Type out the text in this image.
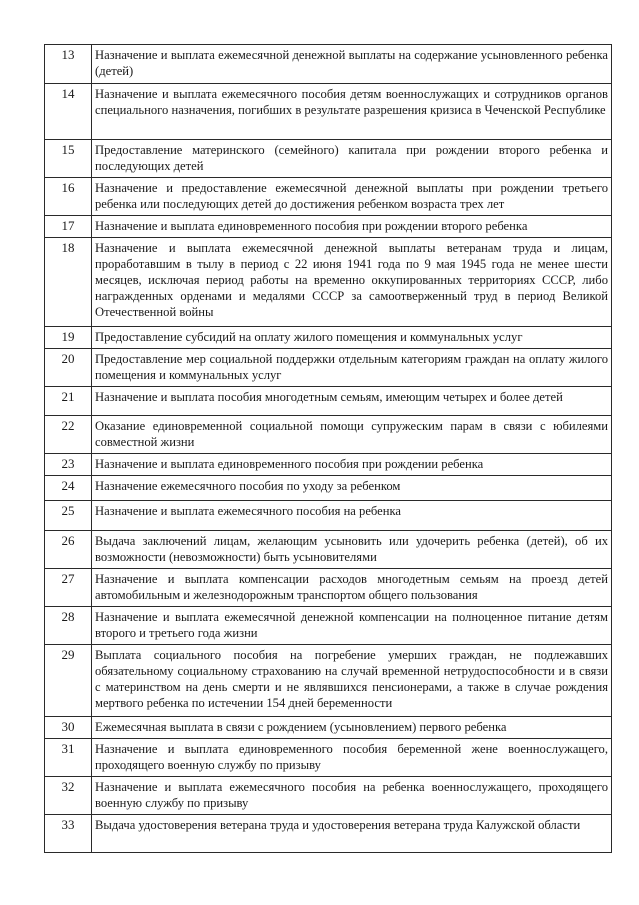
13	Назначение и выплата ежемесячной денежной выплаты на содержание усыновленного ребенка (детей)
14	Назначение и выплата ежемесячного пособия детям военнослужащих и сотрудников органов специального назначения, погибших в результате разрешения кризиса в Чеченской Республике
15	Предоставление материнского (семейного) капитала при рождении второго ребенка и последующих детей
16	Назначение и предоставление ежемесячной денежной выплаты при рождении третьего ребенка или последующих детей до достижения ребенком возраста трех лет
17	Назначение и выплата единовременного пособия при рождении второго ребенка
18	Назначение и выплата ежемесячной денежной выплаты ветеранам труда и лицам, проработавшим в тылу в период с 22 июня 1941 года по 9 мая 1945 года не менее шести месяцев, исключая период работы на временно оккупированных территориях СССР, либо награжденных орденами и медалями СССР за самоотверженный труд в период Великой Отечественной войны
19	Предоставление субсидий на оплату жилого помещения и коммунальных услуг
20	Предоставление мер социальной поддержки отдельным категориям граждан на оплату жилого помещения и коммунальных услуг
21	Назначение и выплата пособия многодетным семьям, имеющим четырех и более детей
22	Оказание единовременной социальной помощи супружеским парам в связи с юбилеями совместной жизни
23	Назначение и выплата единовременного пособия при рождении ребенка
24	Назначение ежемесячного пособия по уходу за ребенком
25	Назначение и выплата ежемесячного пособия на ребенка
26	Выдача заключений лицам, желающим усыновить или удочерить ребенка (детей), об их возможности (невозможности) быть усыновителями
27	Назначение и выплата компенсации расходов многодетным семьям на проезд детей автомобильным и железнодорожным транспортом общего пользования
28	Назначение и выплата ежемесячной денежной компенсации на полноценное питание детям второго и третьего года жизни
29	Выплата социального пособия на погребение умерших граждан, не подлежавших обязательному социальному страхованию на случай временной нетрудоспособности и в связи с материнством на день смерти и не являвшихся пенсионерами, а также в случае рождения мертвого ребенка по истечении 154 дней беременности
30	Ежемесячная выплата в связи с рождением (усыновлением) первого ребенка
31	Назначение и выплата единовременного пособия беременной жене военнослужащего, проходящего военную службу по призыву
32	Назначение и выплата ежемесячного пособия на ребенка военнослужащего, проходящего военную службу по призыву
33	Выдача удостоверения ветерана труда и удостоверения ветерана труда Калужской области
